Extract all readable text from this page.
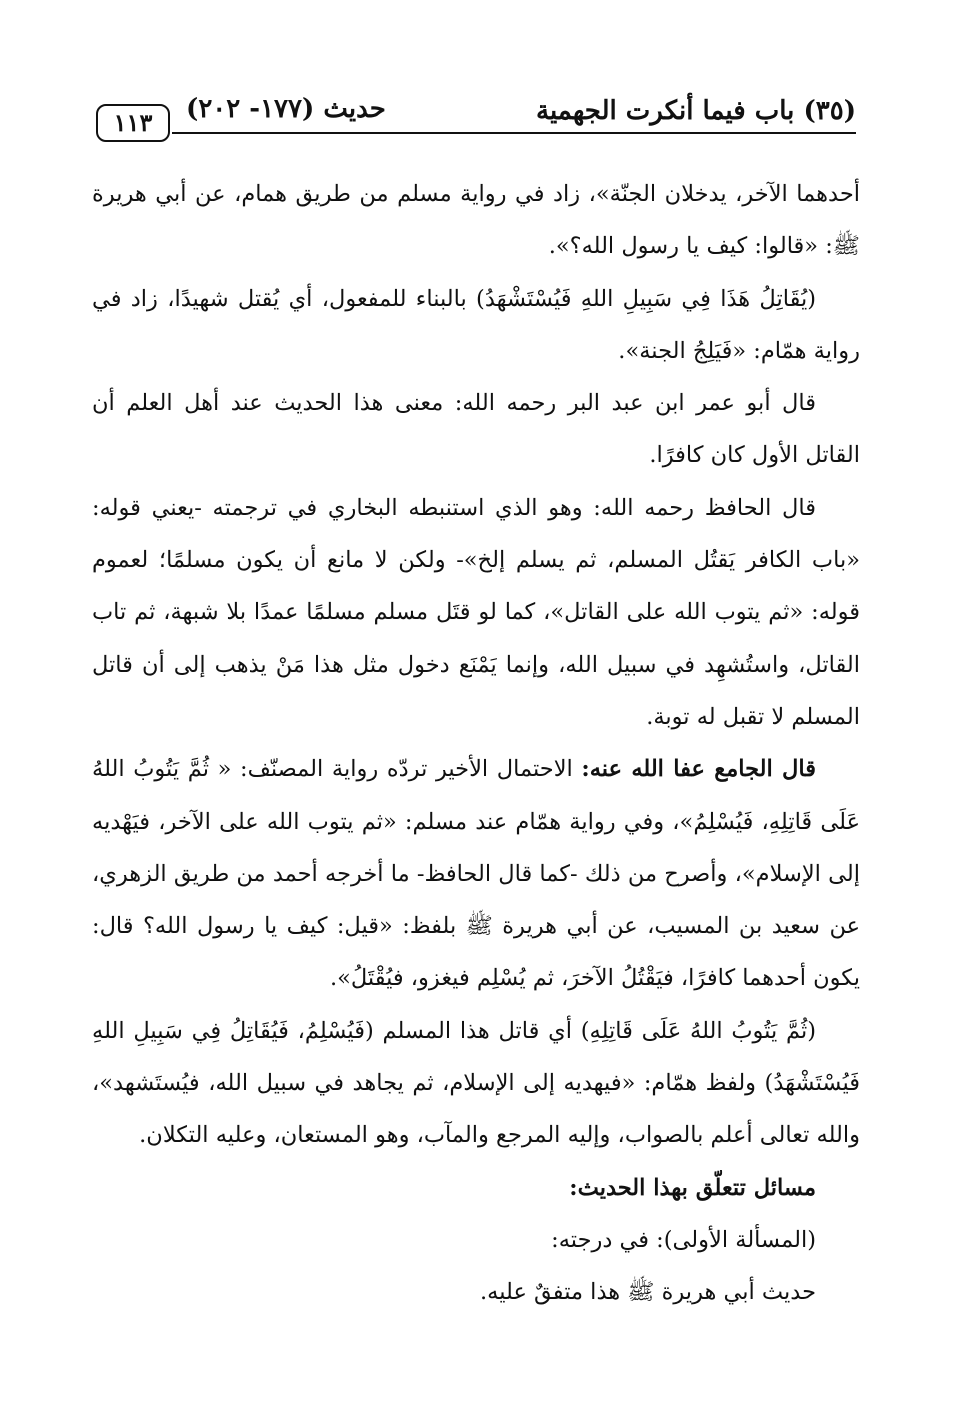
(٣٥) باب فيما أنكرت الجهمية
حديث (١٧٧- ٢٠٢)
١١٣

أحدهما الآخر، يدخلان الجنّة»، زاد في رواية مسلم من طريق همام، عن أبي هريرة ﷺ: «قالوا: كيف يا رسول الله؟».

(يُقَاتِلُ هَذَا فِي سَبِيلِ اللهِ فَيُسْتَشْهَدُ) بالبناء للمفعول، أي يُقتل شهيدًا، زاد في رواية همّام: «فَيَلِجُ الجنة».

قال أبو عمر ابن عبد البر رحمه الله: معنى هذا الحديث عند أهل العلم أن القاتل الأول كان كافرًا.

قال الحافظ رحمه الله: وهو الذي استنبطه البخاري في ترجمته -يعني قوله: «باب الكافر يَقتُل المسلم، ثم يسلم إلخ»- ولكن لا مانع أن يكون مسلمًا؛ لعموم قوله: «ثم يتوب الله على القاتل»، كما لو قتَل مسلم مسلمًا عمدًا بلا شبهة، ثم تاب القاتل، واستُشهِد في سبيل الله، وإنما يَمْنَع دخول مثل هذا مَنْ يذهب إلى أن قاتل المسلم لا تقبل له توبة.

قال الجامع عفا الله عنه: الاحتمال الأخير تردّه رواية المصنّف: « ثُمَّ يَتُوبُ اللهُ عَلَى قَاتِلِهِ، فَيُسْلِمُ»، وفي رواية همّام عند مسلم: «ثم يتوب الله على الآخر، فيَهْديه إلى الإسلام»، وأصرح من ذلك -كما قال الحافظ- ما أخرجه أحمد من طريق الزهري، عن سعيد بن المسيب، عن أبي هريرة ﷺ بلفظ: «قيل: كيف يا رسول الله؟ قال: يكون أحدهما كافرًا، فيَقْتُلُ الآخرَ، ثم يُسْلِم فيغزو، فيُقْتَلُ».

(ثُمَّ يَتُوبُ اللهُ عَلَى قَاتِلِهِ) أي قاتل هذا المسلم (فَيُسْلِمُ، فَيُقَاتِلُ فِي سَبِيلِ اللهِ فَيُسْتَشْهَدُ) ولفظ همّام: «فيهديه إلى الإسلام، ثم يجاهد في سبيل الله، فيُستَشهد»، والله تعالى أعلم بالصواب، وإليه المرجع والمآب، وهو المستعان، وعليه التكلان.

مسائل تتعلّق بهذا الحديث:

(المسألة الأولى): في درجته:

حديث أبي هريرة ﷺ هذا متفقٌ عليه.
